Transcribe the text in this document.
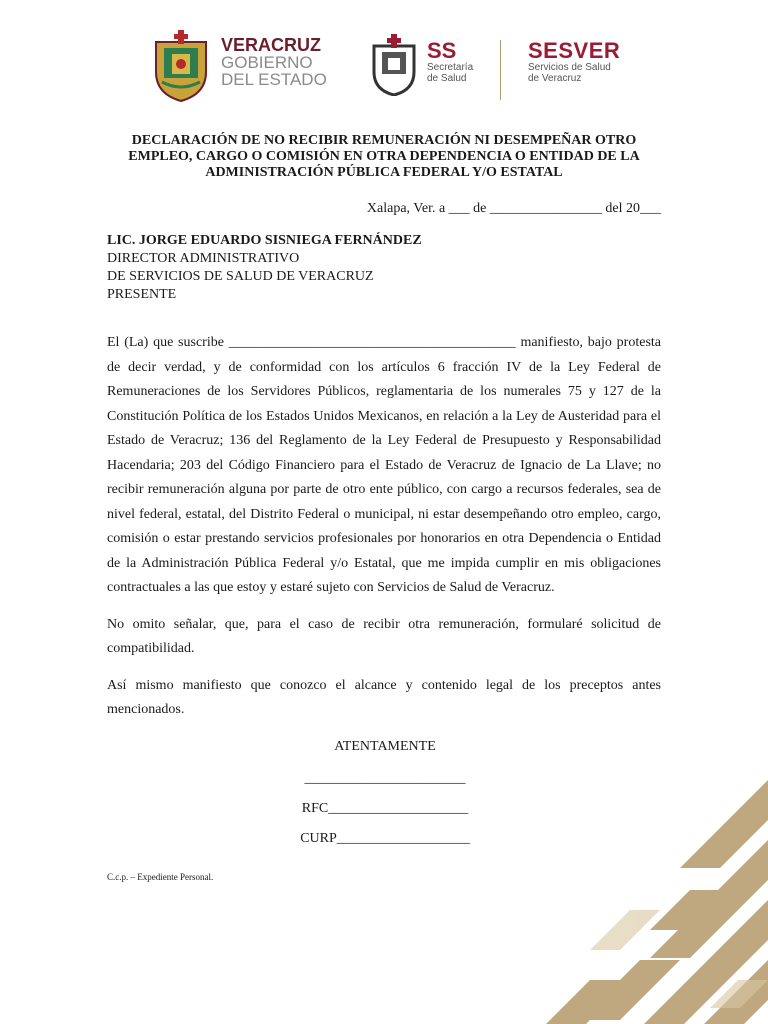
VERACRUZ
GOBIERNO
DEL ESTADO
SS
Secretaría
de Salud
SESVER
Servicios de Salud
de Veracruz
DECLARACIÓN DE NO RECIBIR REMUNERACIÓN NI DESEMPEÑAR OTRO
EMPLEO, CARGO O COMISIÓN EN OTRA DEPENDENCIA O ENTIDAD DE LA
ADMINISTRACIÓN PÚBLICA FEDERAL Y/O ESTATAL
Xalapa, Ver. a ___ de ________________ del 20___
LIC. JORGE EDUARDO SISNIEGA FERNÁNDEZ
DIRECTOR ADMINISTRATIVO
DE SERVICIOS DE SALUD DE VERACRUZ
PRESENTE

El (La) que suscribe _________________________________________ manifiesto, bajo protesta de decir verdad, y de conformidad con los artículos 6 fracción IV de la Ley Federal de Remuneraciones de los Servidores Públicos, reglamentaria de los numerales 75 y 127 de la Constitución Política de los Estados Unidos Mexicanos, en relación a la Ley de Austeridad para el Estado de Veracruz; 136 del Reglamento de la Ley Federal de Presupuesto y Responsabilidad Hacendaria; 203 del Código Financiero para el Estado de Veracruz de Ignacio de La Llave; no recibir remuneración alguna por parte de otro ente público, con cargo a recursos federales, sea de nivel federal, estatal, del Distrito Federal o municipal, ni estar desempeñando otro empleo, cargo, comisión o estar prestando servicios profesionales por honorarios en otra Dependencia o Entidad de la Administración Pública Federal y/o Estatal, que me impida cumplir en mis obligaciones contractuales a las que estoy y estaré sujeto con Servicios de Salud de Veracruz.

No omito señalar, que, para el caso de recibir otra remuneración, formularé solicitud de compatibilidad.

Así mismo manifiesto que conozco el alcance y contenido legal de los preceptos antes mencionados.

ATENTAMENTE
_______________________
RFC____________________
CURP___________________
C.c.p. – Expediente Personal.
